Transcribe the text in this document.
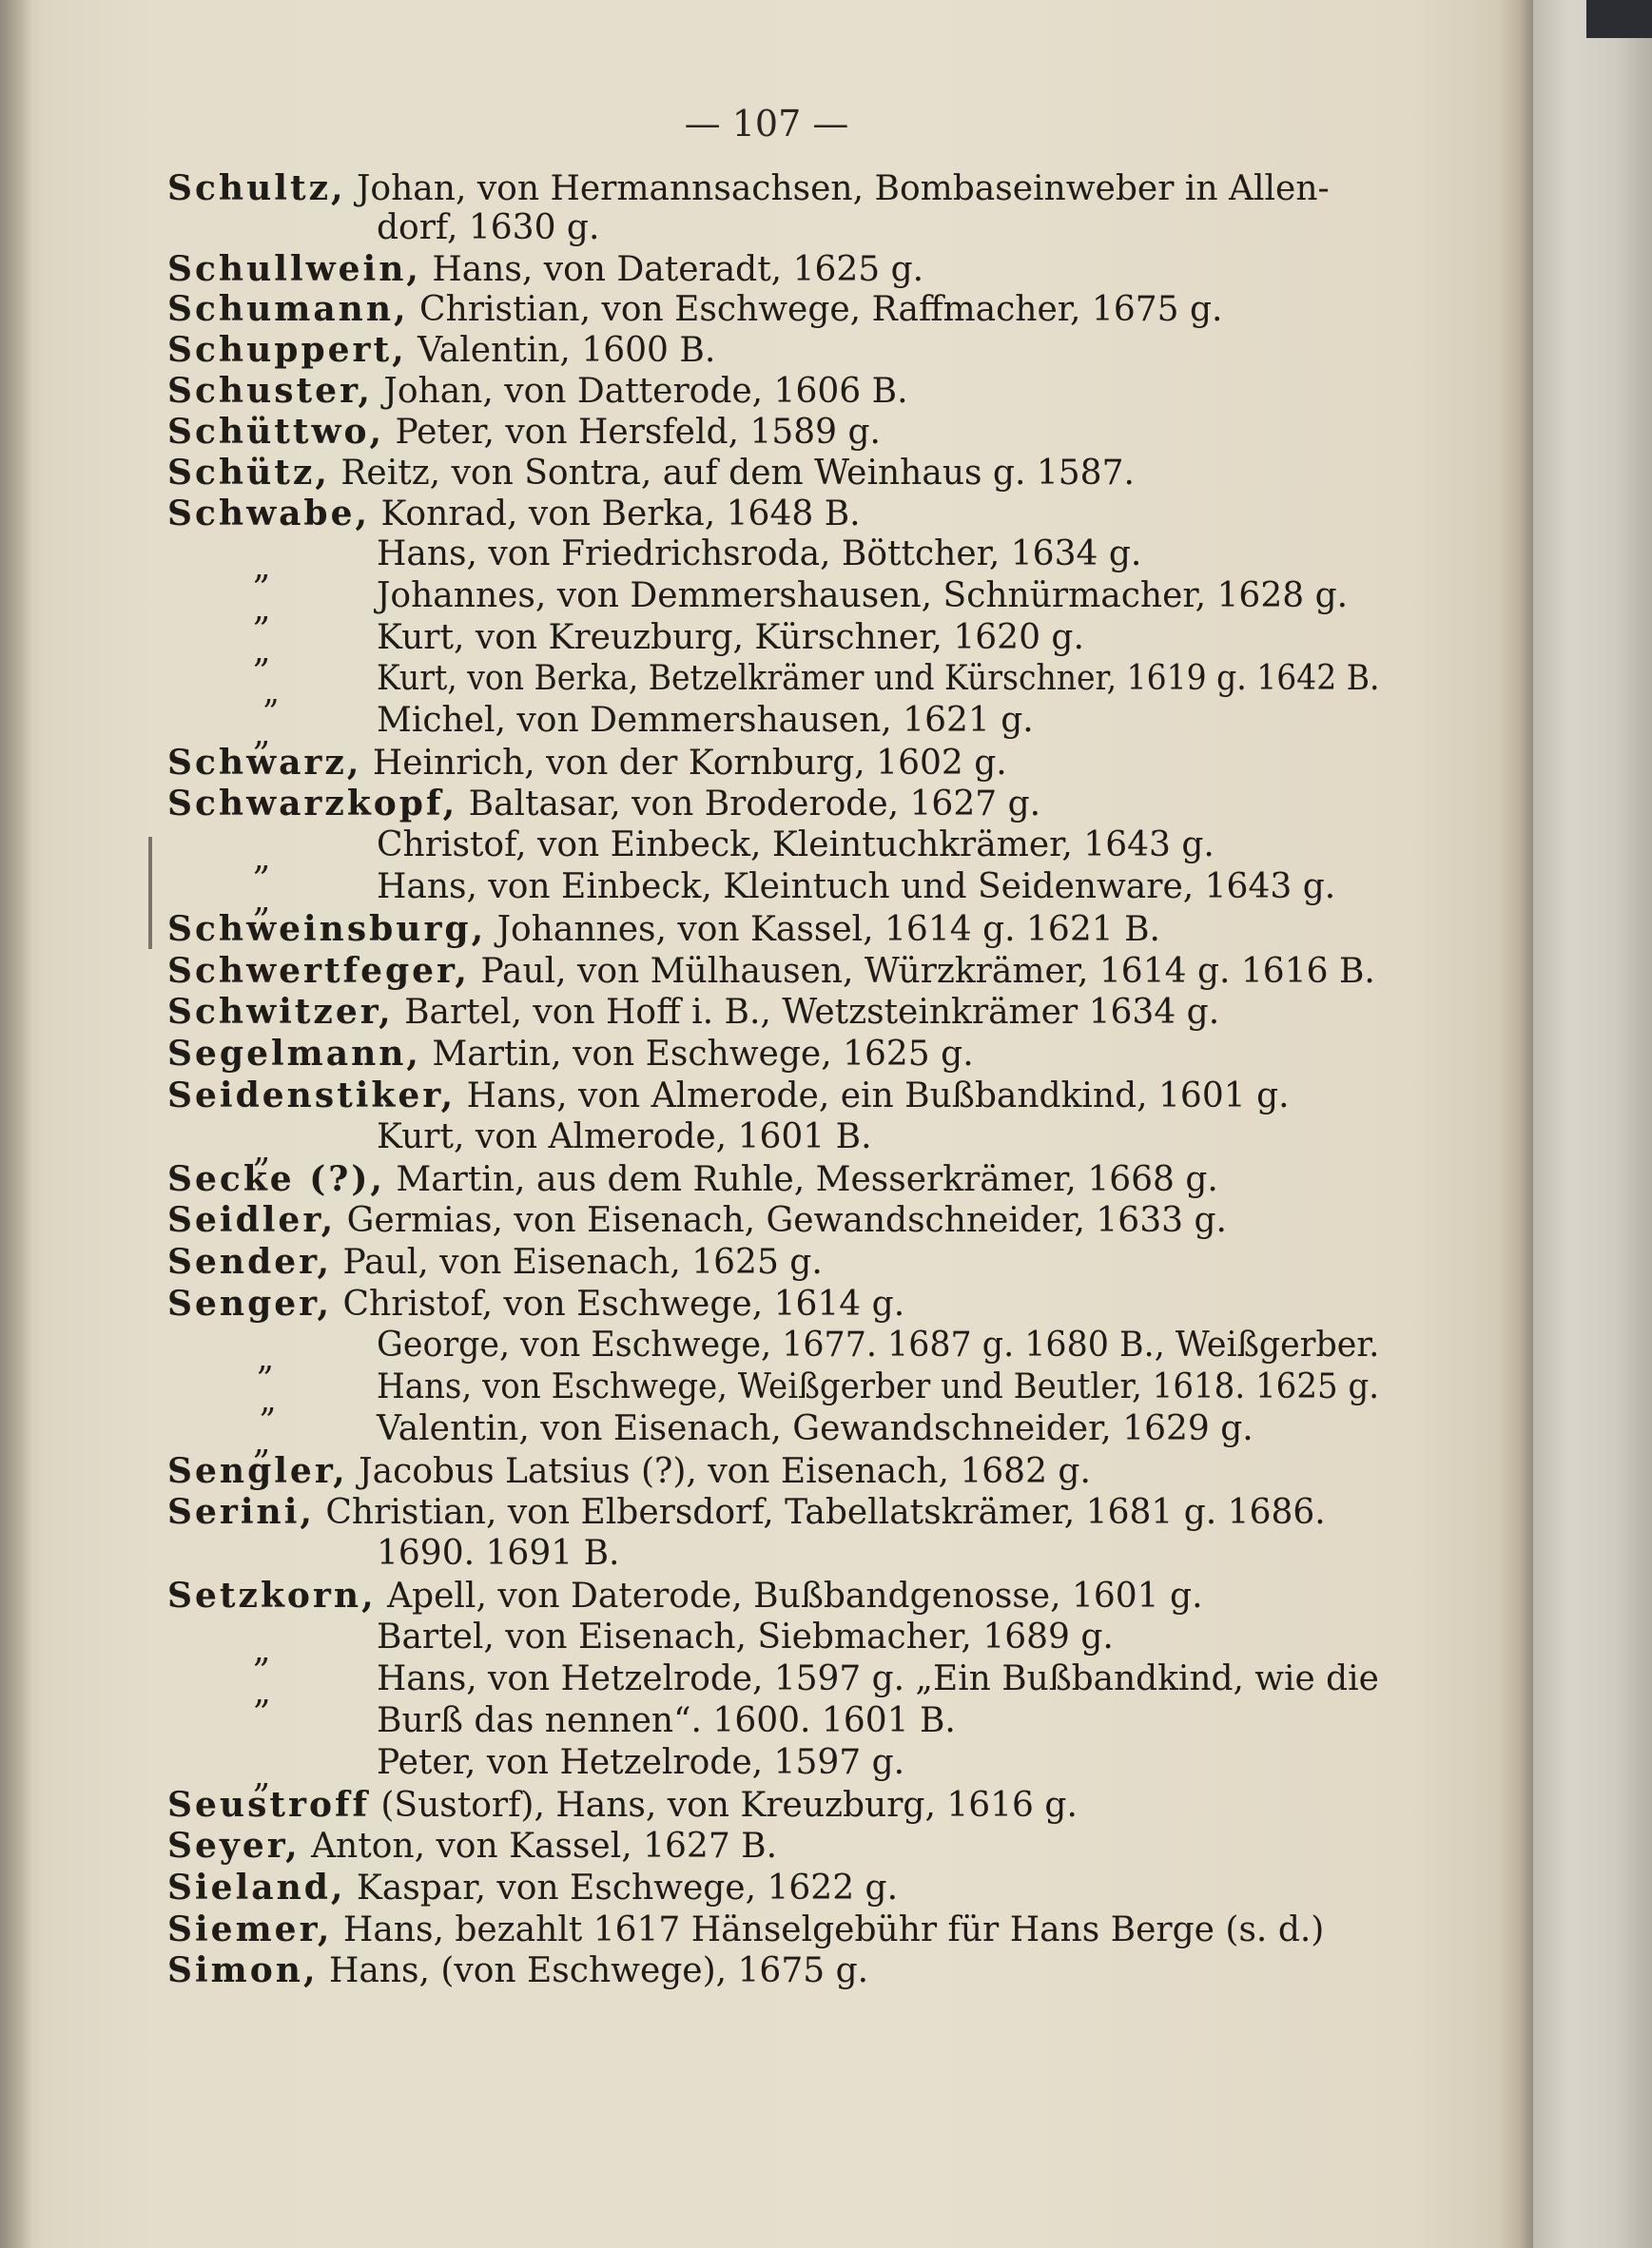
— 107 —
Schultz, Johan, von Hermannsachsen, Bombaseinweber in Allen-
dorf, 1630 g.
Schullwein, Hans, von Dateradt, 1625 g.
Schumann, Christian, von Eschwege, Raffmacher, 1675 g.
Schuppert, Valentin, 1600 B.
Schuster, Johan, von Datterode, 1606 B.
Schüttwo, Peter, von Hersfeld, 1589 g.
Schütz, Reitz, von Sontra, auf dem Weinhaus g. 1587.
Schwabe, Konrad, von Berka, 1648 B.
„	Hans, von Friedrichsroda, Böttcher, 1634 g.
„	Johannes, von Demmershausen, Schnürmacher, 1628 g.
„	Kurt, von Kreuzburg, Kürschner, 1620 g.
„	Kurt, von Berka, Betzelkrämer und Kürschner, 1619 g. 1642 B.
„	Michel, von Demmershausen, 1621 g.
Schwarz, Heinrich, von der Kornburg, 1602 g.
Schwarzkopf, Baltasar, von Broderode, 1627 g.
„	Christof, von Einbeck, Kleintuchkrämer, 1643 g.
„	Hans, von Einbeck, Kleintuch und Seidenware, 1643 g.
Schweinsburg, Johannes, von Kassel, 1614 g. 1621 B.
Schwertfeger, Paul, von Mülhausen, Würzkrämer, 1614 g. 1616 B.
Schwitzer, Bartel, von Hoff i. B., Wetzsteinkrämer 1634 g.
Segelmann, Martin, von Eschwege, 1625 g.
Seidenstiker, Hans, von Almerode, ein Bußbandkind, 1601 g.
„	Kurt, von Almerode, 1601 B.
Secke (?), Martin, aus dem Ruhle, Messerkrämer, 1668 g.
Seidler, Germias, von Eisenach, Gewandschneider, 1633 g.
Sender, Paul, von Eisenach, 1625 g.
Senger, Christof, von Eschwege, 1614 g.
„	George, von Eschwege, 1677. 1687 g. 1680 B., Weißgerber.
„	Hans, von Eschwege, Weißgerber und Beutler, 1618. 1625 g.
„	Valentin, von Eisenach, Gewandschneider, 1629 g.
Sengler, Jacobus Latsius (?), von Eisenach, 1682 g.
Serini, Christian, von Elbersdorf, Tabellatskrämer, 1681 g. 1686.
1690. 1691 B.
Setzkorn, Apell, von Daterode, Bußbandgenosse, 1601 g.
„	Bartel, von Eisenach, Siebmacher, 1689 g.
„	Hans, von Hetzelrode, 1597 g. „Ein Bußbandkind, wie die
Burß das nennen“. 1600. 1601 B.
„	Peter, von Hetzelrode, 1597 g.
Seustroff (Sustorf), Hans, von Kreuzburg, 1616 g.
Seyer, Anton, von Kassel, 1627 B.
Sieland, Kaspar, von Eschwege, 1622 g.
Siemer, Hans, bezahlt 1617 Hänselgebühr für Hans Berge (s. d.)
Simon, Hans, (von Eschwege), 1675 g.
